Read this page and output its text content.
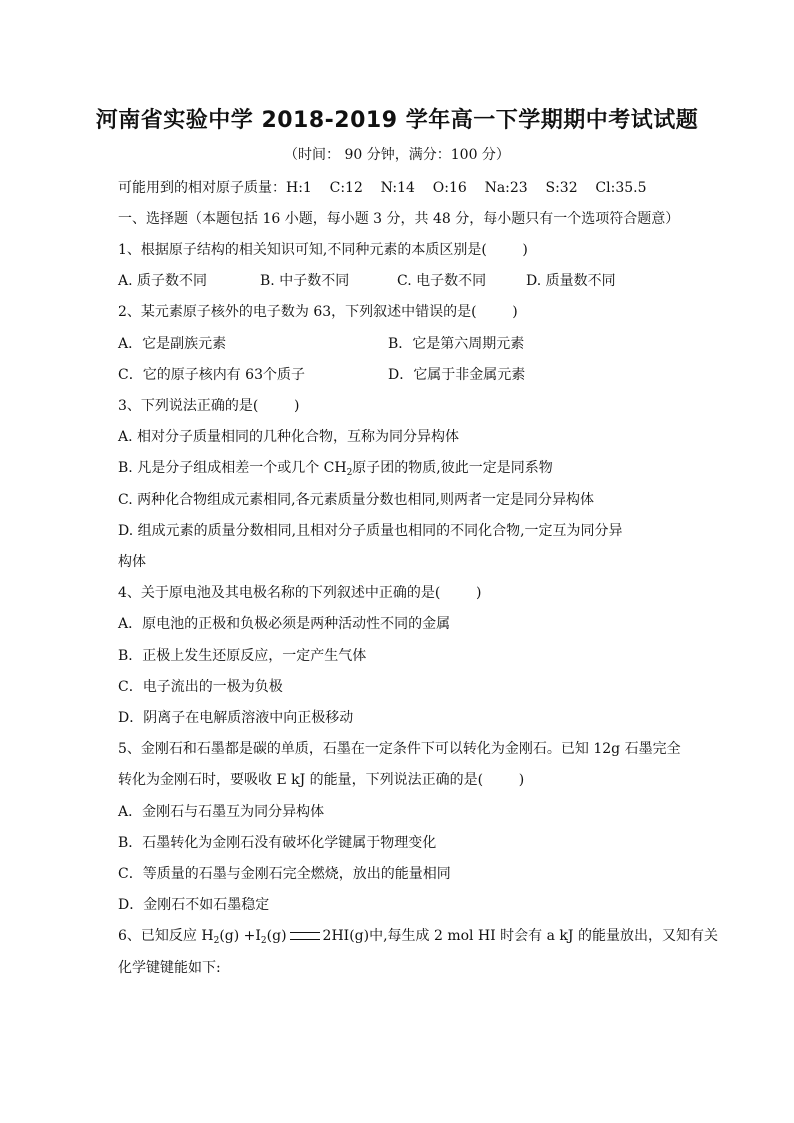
河南省实验中学 2018-2019 学年高一下学期期中考试试题
（时间： 90 分钟，满分：100 分）
可能用到的相对原子质量：H:1    C:12    N:14    O:16    Na:23    S:32    Cl:35.5
一、选择题（本题包括 16 小题，每小题 3 分，共 48 分，每小题只有一个选项符合题意）
1、根据原子结构的相关知识可知,不同种元素的本质区别是(        )
A. 质子数不同	B. 中子数不同	C. 电子数不同	D. 质量数不同
2、某元素原子核外的电子数为 63，下列叙述中错误的是(        )
A．它是副族元素	B．它是第六周期元素
C．它的原子核内有 63个质子	D．它属于非金属元素
3、下列说法正确的是(        )
A. 相对分子质量相同的几种化合物，互称为同分异构体
B. 凡是分子组成相差一个或几个 $CH_2$原子团的物质,彼此一定是同系物
C. 两种化合物组成元素相同,各元素质量分数也相同,则两者一定是同分异构体
D. 组成元素的质量分数相同,且相对分子质量也相同的不同化合物,一定互为同分异
构体
4、关于原电池及其电极名称的下列叙述中正确的是(        )
A．原电池的正极和负极必须是两种活动性不同的金属
B．正极上发生还原反应，一定产生气体
C．电子流出的一极为负极
D．阴离子在电解质溶液中向正极移动
5、金刚石和石墨都是碳的单质，石墨在一定条件下可以转化为金刚石。已知 12g 石墨完全
转化为金刚石时，要吸收 E kJ 的能量，下列说法正确的是(        )
A．金刚石与石墨互为同分异构体
B．石墨转化为金刚石没有破坏化学键属于物理变化
C．等质量的石墨与金刚石完全燃烧，放出的能量相同
D．金刚石不如石墨稳定
6、已知反应 $H_2(g) +I_2(g)$	2HI(g)中,每生成 2 mol HI 时会有 a kJ 的能量放出，又知有关
化学键键能如下:
